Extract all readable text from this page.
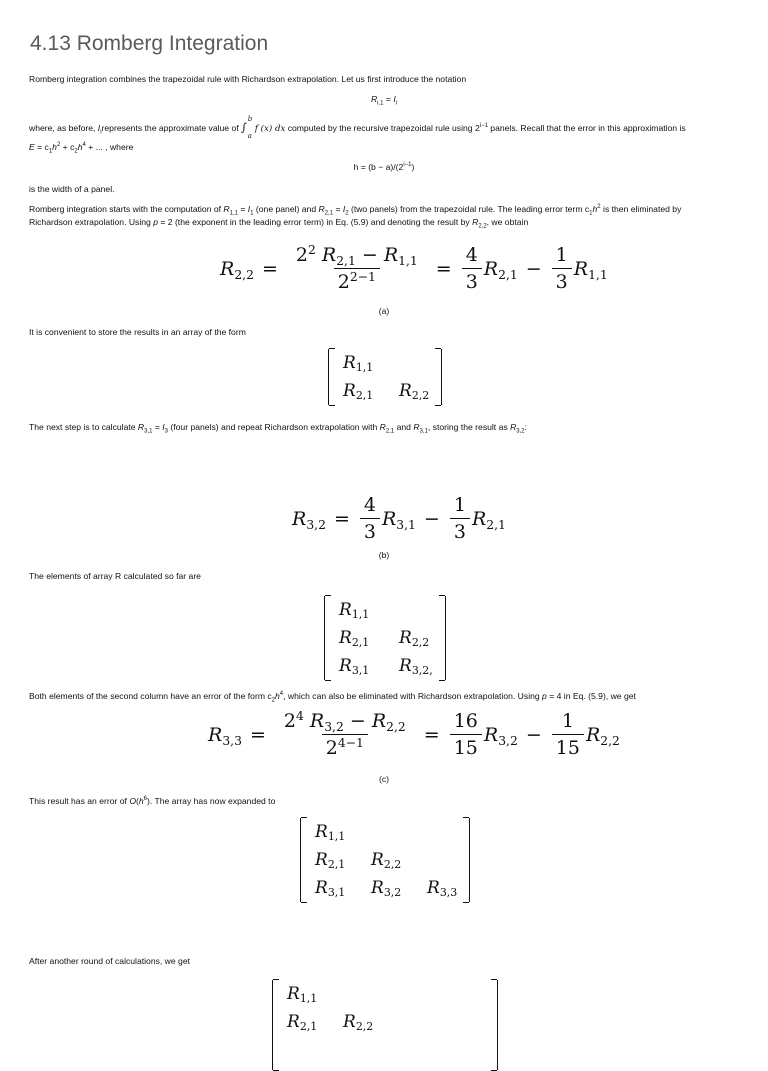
4.13 Romberg Integration
Romberg integration combines the trapezoidal rule with Richardson extrapolation. Let us first introduce the notation
$R_{i,1} = I_i$
where, as before, $I_irepresents$ the approximate value of ∫
b
a
f (x) dx computed by the recursive trapezoidal rule using $2^{i-1}$ panels. Recall that the error in this approximation is
$E = c_1h^2 + c_2h^4$ + ... , where
$h = (b - a)/(2^{i-1})$
is the width of a panel.
Romberg integration starts with the computation of $R_{1,1} = I_1$ (one panel) and $R_{2,1} = I_2$ (two panels) from the trapezoidal rule. The leading error term $c_1h^2$ is then eliminated by
Richardson extrapolation. Using p = 2 (the exponent in the leading error term) in Eq. (5.9) and denoting the result by $R_{2,2}$, we obtain
$R_{2,2} = \frac{2^2 R_{2,1} - R_{1,1}}{2^{2-1}} = \frac{4}{3} R_{2,1} - \frac{1}{3} R_{1,1}$
(a)
It is convenient to store the results in an array of the form
$R_{1,1}$
$R_{2,1}$	$R_{2,2}$
The next step is to calculate $R_{3,1} = I_3$ (four panels) and repeat Richardson extrapolation with $R_{2,1}$ and $R_{3,1}$, storing the result as $R_{3,2}$:
$R_{3,2} = \frac{4}{3} R_{3,1} - \frac{1}{3} R_{2,1}$
(b)
The elements of array R calculated so far are
$R_{1,1}$
$R_{2,1}$	$R_{2,2}$
$R_{3,1}$	$R_{3,2,}$
Both elements of the second column have an error of the form $c_2h^4$, which can also be eliminated with Richardson extrapolation. Using p = 4 in Eq. (5.9), we get
$R_{3,3} = \frac{2^4 R_{3,2} - R_{2,2}}{2^{4-1}} = \frac{16}{15} R_{3,2} - \frac{1}{15} R_{2,2}$
(c)
This result has an error of $O(h^6)$. The array has now expanded to
$R_{1,1}$
$R_{2,1}$	$R_{2,2}$
$R_{3,1}$	$R_{3,2}$	$R_{3,3}$
After another round of calculations, we get
$R_{1,1}$
$R_{2,1}$	$R_{2,2}$
